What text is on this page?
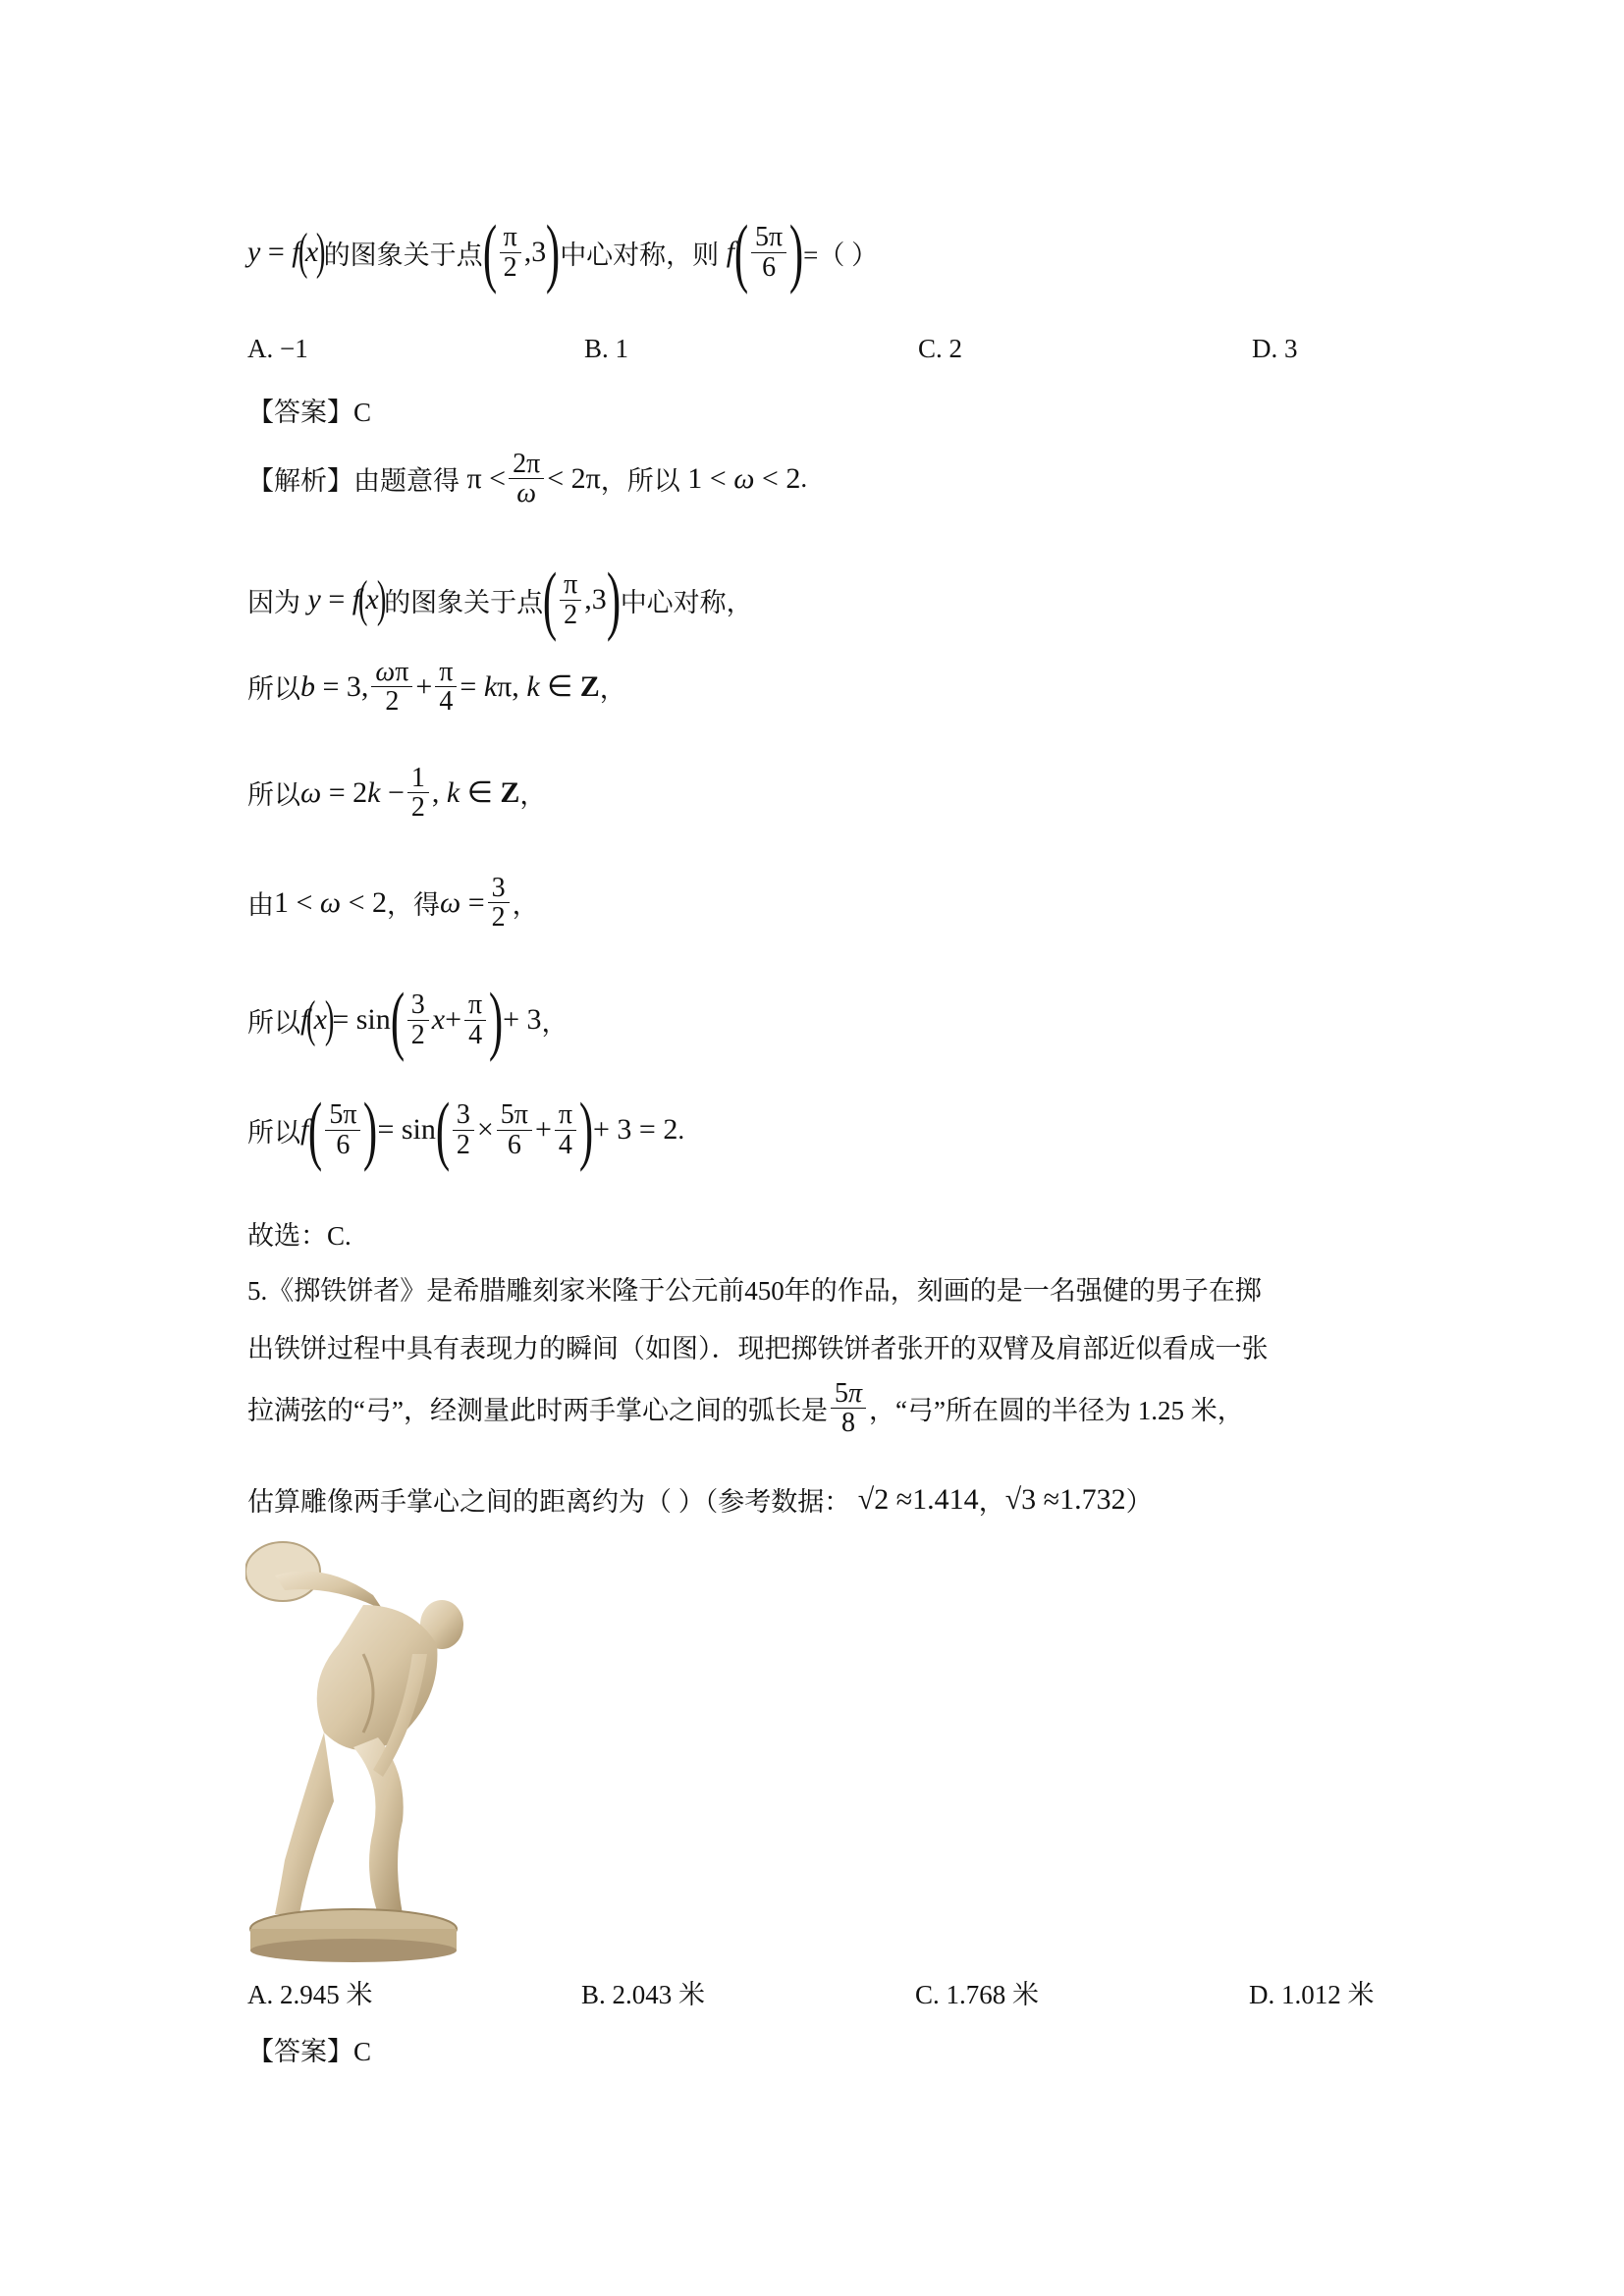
y = f
(
x
)
的图象关于点 ( $\frac{\pi}{2} ,3$ ) 中心对称，则 f ( $\frac{5\pi}{6}$ ) =（ ）
A. −1	B. 1	C. 2	D. 3
【答案】C
【解析】由题意得 $\pi < \frac{2\pi}{\omega} < 2\pi$ ，所以 1 < ω < 2 .
因为 y = f
(
x
)
的图象关于点 ( $\frac{\pi}{2} ,3$ ) 中心对称，
所以 b = 3, $\frac{\omega\pi}{2} + \frac{\pi}{4} = k\pi$, k ∈ Z ，
所以 $\omega = 2k - \frac{1}{2}$ , k ∈ Z ，
由 1 < ω < 2 ，得 $\omega = \frac{3}{2}$ ，
所以 f
(
x
)
= sin ( $\frac{3}{2}$ $x + \frac{\pi}{4}$ ) + 3 ，
所以 f ( $\frac{5\pi}{6}$ ) = sin ( $\frac{3}{2} \times \frac{5\pi}{6} + \frac{\pi}{4}$ ) + 3 = 2 .
故选：C.
5.《掷铁饼者》是希腊雕刻家米隆于公元前450年的作品，刻画的是一名强健的男子在掷
出铁饼过程中具有表现力的瞬间（如图）．现把掷铁饼者张开的双臂及肩部近似看成一张
拉满弦的“弓”，经测量此时两手掌心之间的弧长是 $\frac{5\pi}{8}$ ，“弓”所在圆的半径为 1.25 米，
估算雕像两手掌心之间的距离约为（ ）（参考数据： √2 ≈1.414 ， √3 ≈1.732 ）
A. 2.945 米	B. 2.043 米	C. 1.768 米	D. 1.012 米
【答案】C
